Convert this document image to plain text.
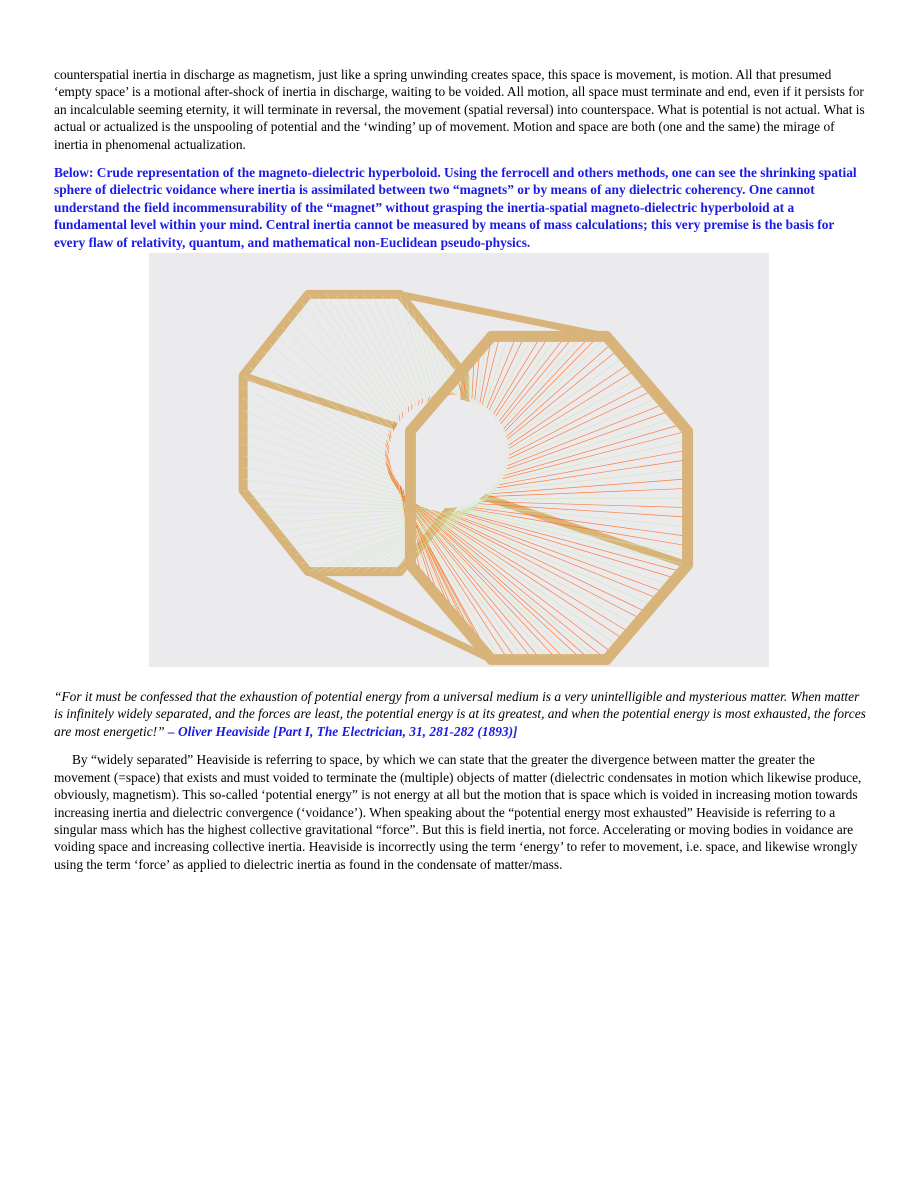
counterspatial inertia in discharge as magnetism, just like a spring unwinding creates space, this space is movement, is motion. All that presumed ‘empty space’ is a motional after-shock of inertia in discharge, waiting to be voided. All motion, all space must terminate and end, even if it persists for an incalculable seeming eternity, it will terminate in reversal, the movement (spatial reversal) into counterspace. What is potential is not actual. What is actual or actualized is the unspooling of potential and the ‘winding’ up of movement. Motion and space are both (one and the same) the mirage of inertia in phenomenal actualization.

Below: Crude representation of the magneto-dielectric hyperboloid. Using the ferrocell and others methods, one can see the shrinking spatial sphere of dielectric voidance where inertia is assimilated between two “magnets” or by means of any dielectric coherency. One cannot understand the field incommensurability of the “magnet” without grasping the inertia-spatial magneto-dielectric hyperboloid at a fundamental level within your mind. Central inertia cannot be measured by means of mass calculations; this very premise is the basis for every flaw of relativity, quantum, and mathematical non-Euclidean pseudo-physics.

“For it must be confessed that the exhaustion of potential energy from a universal medium is a very unintelligible and mysterious matter. When matter is infinitely widely separated, and the forces are least, the potential energy is at its greatest, and when the potential energy is most exhausted, the forces are most energetic!” – Oliver Heaviside [Part I, The Electrician, 31, 281-282 (1893)]

By “widely separated” Heaviside is referring to space, by which we can state that the greater the divergence between matter the greater the movement (=space) that exists and must voided to terminate the (multiple) objects of matter (dielectric condensates in motion which likewise produce, obviously, magnetism). This so-called ‘potential energy” is not energy at all but the motion that is space which is voided in increasing motion towards increasing inertia and dielectric convergence (‘voidance’). When speaking about the “potential energy most exhausted” Heaviside is referring to a singular mass which has the highest collective gravitational “force”. But this is field inertia, not force. Accelerating or moving bodies in voidance are voiding space and increasing collective inertia. Heaviside is incorrectly using the term ‘energy’ to refer to movement, i.e. space, and likewise wrongly using the term ‘force’ as applied to dielectric inertia as found in the condensate of matter/mass.
